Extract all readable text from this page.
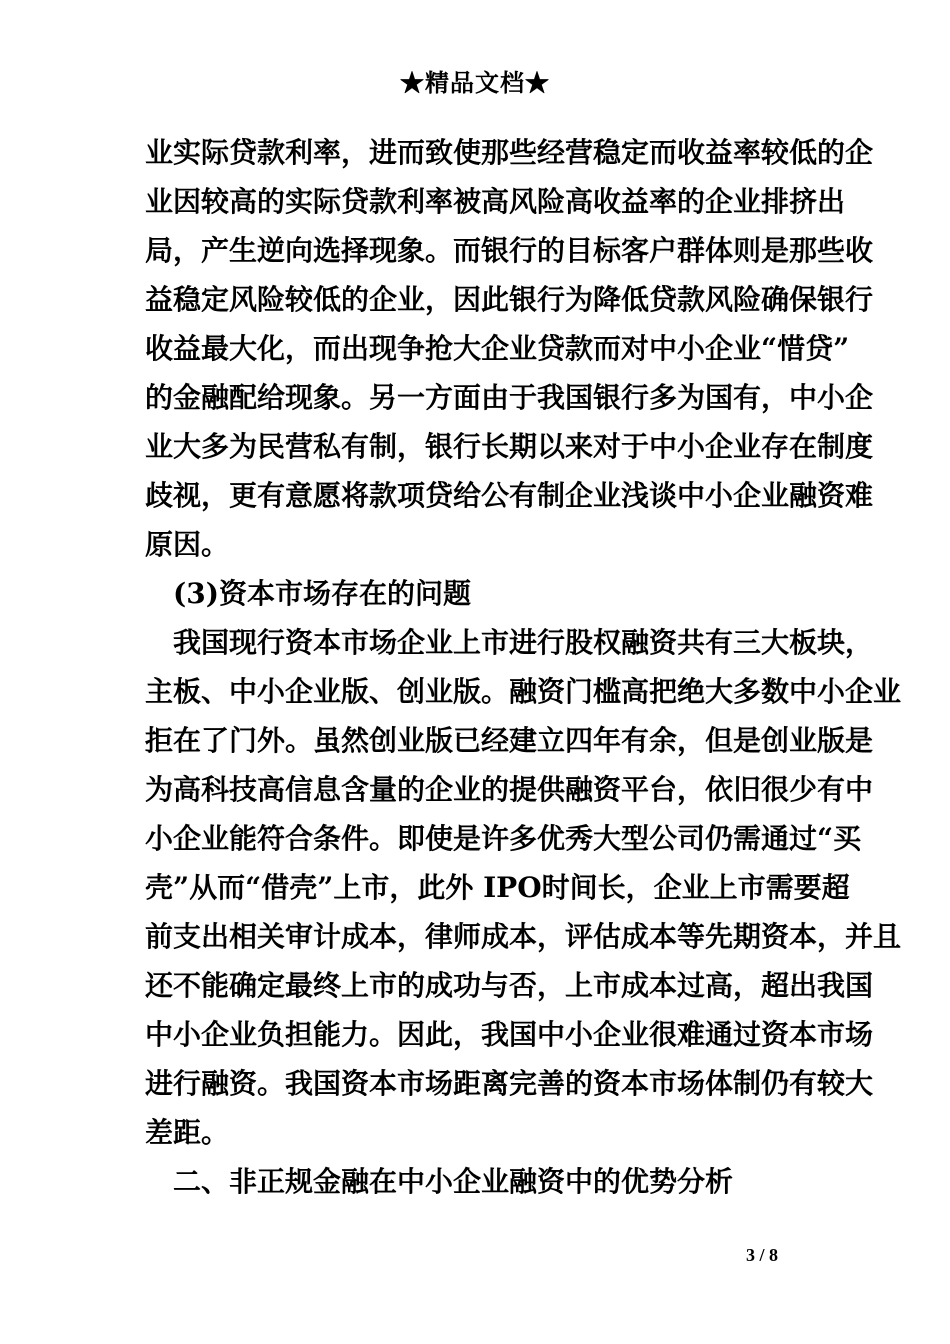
★精品文档★
业实际贷款利率，进而致使那些经营稳定而收益率较低的企
业因较高的实际贷款利率被高风险高收益率的企业排挤出
局，产生逆向选择现象。而银行的目标客户群体则是那些收
益稳定风险较低的企业，因此银行为降低贷款风险确保银行
收益最大化，而出现争抢大企业贷款而对中小企业“惜贷”
的金融配给现象。另一方面由于我国银行多为国有，中小企
业大多为民营私有制，银行长期以来对于中小企业存在制度
歧视，更有意愿将款项贷给公有制企业浅谈中小企业融资难
原因。
(3)资本市场存在的问题
我国现行资本市场企业上市进行股权融资共有三大板块，
主板、中小企业版、创业版。融资门槛高把绝大多数中小企业
拒在了门外。虽然创业版已经建立四年有余，但是创业版是
为高科技高信息含量的企业的提供融资平台，依旧很少有中
小企业能符合条件。即使是许多优秀大型公司仍需通过“买
壳”从而“借壳”上市，此外 IPO时间长，企业上市需要超
前支出相关审计成本，律师成本，评估成本等先期资本，并且
还不能确定最终上市的成功与否，上市成本过高，超出我国
中小企业负担能力。因此，我国中小企业很难通过资本市场
进行融资。我国资本市场距离完善的资本市场体制仍有较大
差距。
二、非正规金融在中小企业融资中的优势分析
3 / 8
